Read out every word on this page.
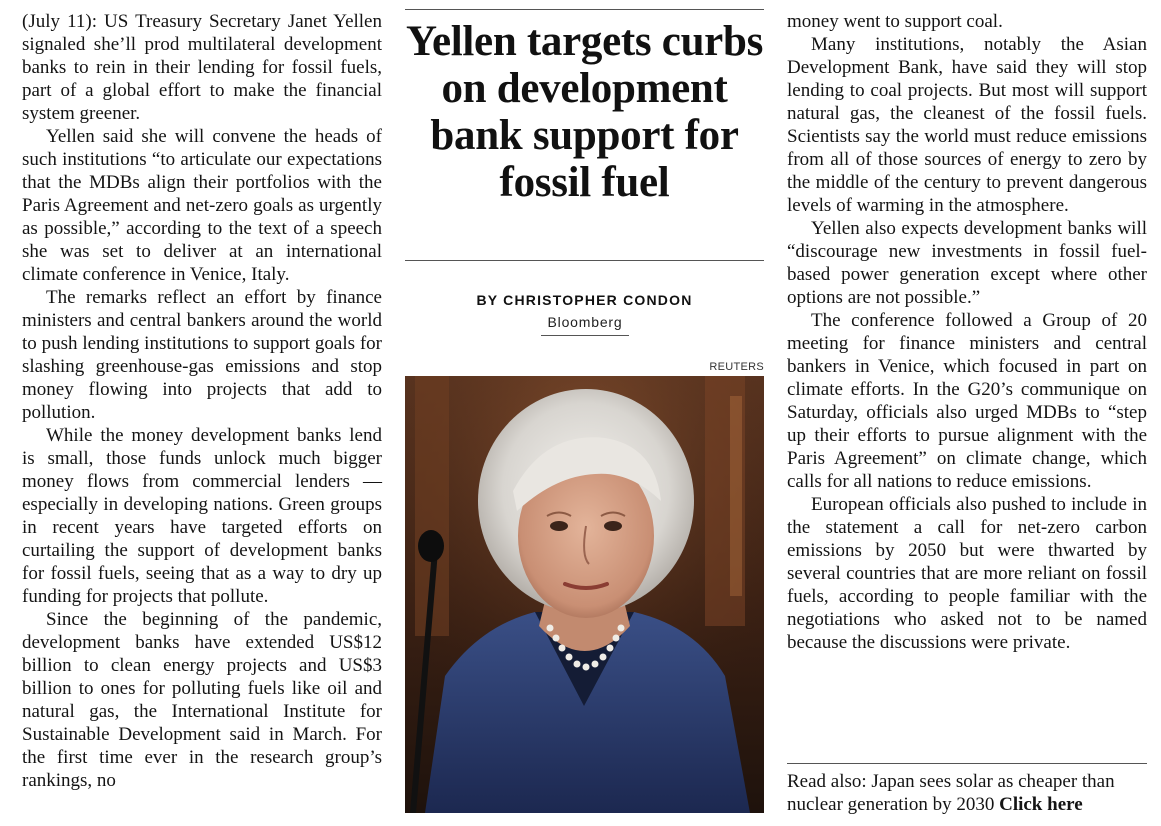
(July 11): US Treasury Secretary Janet Yellen signaled she’ll prod multilateral development banks to rein in their lending for fossil fuels, part of a global effort to make the financial system greener.

Yellen said she will convene the heads of such institutions “to articulate our expectations that the MDBs align their portfolios with the Paris Agreement and net-zero goals as urgently as possible,” according to the text of a speech she was set to deliver at an international climate conference in Venice, Italy.

The remarks reflect an effort by finance ministers and central bankers around the world to push lending institutions to support goals for slashing greenhouse-gas emissions and stop money flowing into projects that add to pollution.

While the money development banks lend is small, those funds unlock much bigger money flows from commercial lenders — especially in developing nations. Green groups in recent years have targeted efforts on curtailing the support of development banks for fossil fuels, seeing that as a way to dry up funding for projects that pollute.

Since the beginning of the pandemic, development banks have extended US$12 billion to clean energy projects and US$3 billion to ones for polluting fuels like oil and natural gas, the International Institute for Sustainable Development said in March. For the first time ever in the research group’s rankings, no

Yellen targets curbs on development bank support for fossil fuel
BY CHRISTOPHER CONDON
Bloomberg
REUTERS

money went to support coal.

Many institutions, notably the Asian Development Bank, have said they will stop lending to coal projects. But most will support natural gas, the cleanest of the fossil fuels. Scientists say the world must reduce emissions from all of those sources of energy to zero by the middle of the century to prevent dangerous levels of warming in the atmosphere.

Yellen also expects development banks will “discourage new investments in fossil fuel-based power generation except where other options are not possible.”

The conference followed a Group of 20 meeting for finance ministers and central bankers in Venice, which focused in part on climate efforts. In the G20’s communique on Saturday, officials also urged MDBs to “step up their efforts to pursue alignment with the Paris Agreement” on climate change, which calls for all nations to reduce emissions.

European officials also pushed to include in the statement a call for net-zero carbon emissions by 2050 but were thwarted by several countries that are more reliant on fossil fuels, according to people familiar with the negotiations who asked not to be named because the discussions were private.

Read also: Japan sees solar as cheaper than nuclear generation by 2030 Click here
